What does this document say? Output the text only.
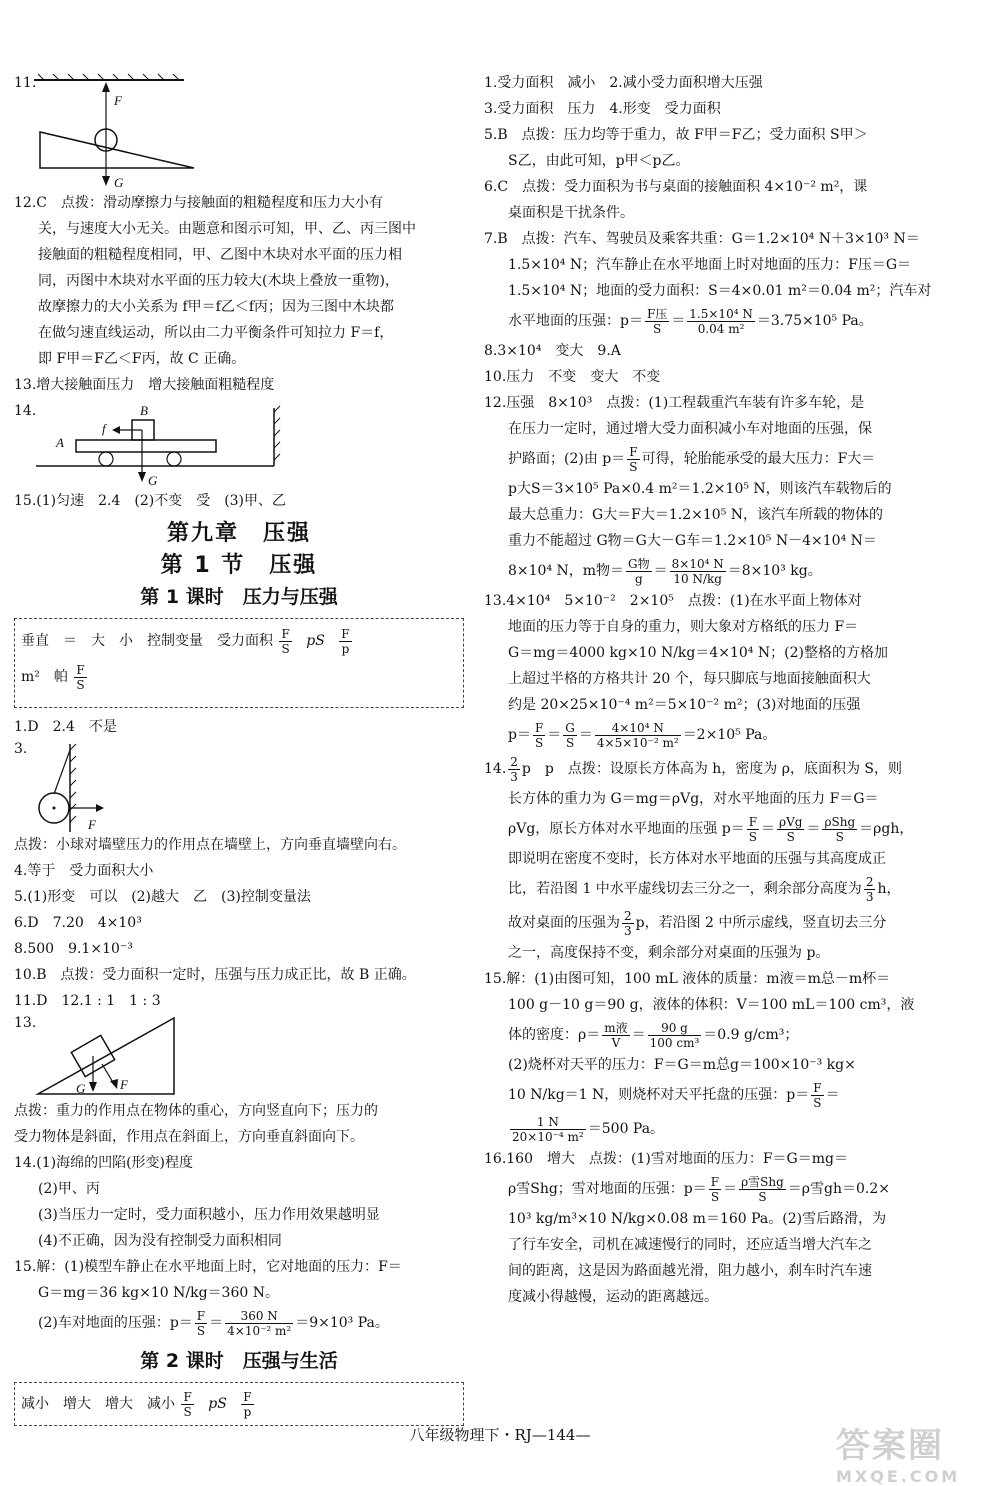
11.
F
G
12.C　点拨：滑动摩擦力与接触面的粗糙程度和压力大小有
关，与速度大小无关。由题意和图示可知，甲、乙、丙三图中
接触面的粗糙程度相同，甲、乙图中木块对水平面的压力相
同，丙图中木块对水平面的压力较大(木块上叠放一重物)，
故摩擦力的大小关系为 f甲＝f乙＜f丙；因为三图中木块都
在做匀速直线运动，所以由二力平衡条件可知拉力 F＝f，
即 F甲＝F乙＜F丙，故 C 正确。
13.增大接触面压力　增大接触面粗糙程度
14.	B
A
f
G
15.(1)匀速　2.4　(2)不变　受　(3)甲、乙
第九章　压强
第 1 节　压强
第 1 课时　压力与压强
垂直　＝　大　小　控制变量　受力面积 $\frac{F}{S}$ pS $\frac{F}{p}$
m²　帕 $\frac{F}{S}$
1.D　2.4　不是
3.
F
点拨：小球对墙壁压力的作用点在墙壁上，方向垂直墙壁向右。
4.等于　受力面积大小
5.(1)形变　可以　(2)越大　乙　(3)控制变量法
6.D　7.20　4×10³
8.500　9.1×10⁻³
10.B　点拨：受力面积一定时，压强与压力成正比，故 B 正确。
11.D　12.1 : 1　1 : 3
13.
G	F
点拨：重力的作用点在物体的重心，方向竖直向下；压力的
受力物体是斜面，作用点在斜面上，方向垂直斜面向下。
14.(1)海绵的凹陷(形变)程度
(2)甲、丙
(3)当压力一定时，受力面积越小，压力作用效果越明显
(4)不正确，因为没有控制受力面积相同
15.解：(1)模型车静止在水平地面上时，它对地面的压力：F＝
G＝mg＝36 kg×10 N/kg＝360 N。
(2)车对地面的压强：$p= \frac{F}{S} = \frac{360 N}{\text{4×10⁻² m²}} =9\times 10^3$ Pa。
第 2 课时　压强与生活
减小　增大　增大　减小 $\frac{F}{S}$ pS $\frac{F}{p}$
1.受力面积　减小　2.减小受力面积增大压强
3.受力面积　压力　4.形变　受力面积
5.B　点拨：压力均等于重力，故 F甲＝F乙；受力面积 S甲＞
S乙，由此可知，p甲＜p乙。
6.C　点拨：受力面积为书与桌面的接触面积 4×10⁻² m²，课
桌面积是干扰条件。
7.B　点拨：汽车、驾驶员及乘客共重：G＝1.2×10⁴ N＋3×10³ N＝
1.5×10⁴ N；汽车静止在水平地面上时对地面的压力：F压＝G＝
1.5×10⁴ N；地面的受力面积：S＝4×0.01 m²＝0.04 m²；汽车对
水平地面的压强：$p= \frac{\text{F压}}{S} = \frac{\text{1.5×10⁴ N}}{\text{0.04 m²}} =3.75\times 10^5$ Pa。
8.3×10⁴　变大　9.A
10.压力　不变　变大　不变
12.压强　8×10³　点拨：(1)工程载重汽车装有许多车轮，是
在压力一定时，通过增大受力面积减小车对地面的压强，保
护路面；(2)由 $p= \frac{F}{S}$ 可得，轮胎能承受的最大压力：F大＝
p大S＝3×10⁵ Pa×0.4 m²＝1.2×10⁵ N，则该汽车载物后的
最大总重力：G大＝F大＝1.2×10⁵ N，该汽车所载的物体的
重力不能超过 G物＝G大－G车＝1.2×10⁵ N－4×10⁴ N＝
8×10⁴ N，m物＝ $\frac{\text{G物}}{g} = \frac{\text{8×10⁴ N}}{10 N/kg} =8\times 10^3$ kg。
13.4×10⁴　5×10⁻²　2×10⁵　点拨：(1)在水平面上物体对
地面的压力等于自身的重力，则大象对方格纸的压力 F＝
G＝mg＝4000 kg×10 N/kg＝4×10⁴ N；(2)整格的方格加
上超过半格的方格共计 20 个，每只脚底与地面接触面积大
约是 20×25×10⁻⁴ m²＝5×10⁻² m²；(3)对地面的压强
$p= \frac{F}{S} = \frac{G}{S} = \frac{\text{4×10⁴ N}}{\text{4×5×10⁻² m²}} =2\times 10^5$ Pa。
14. $\frac{2}{3}$ p　p　点拨：设原长方体高为 h，密度为 ρ，底面积为 S，则
长方体的重力为 G＝mg＝ρVg，对水平地面的压力 F＝G＝
ρVg，原长方体对水平地面的压强 $p= \frac{F}{S} = \frac{\text{ρVg}}{S} = \frac{\text{ρShg}}{S} =\rho gh$，
即说明在密度不变时，长方体对水平地面的压强与其高度成正
比，若沿图 1 中水平虚线切去三分之一，剩余部分高度为 $\frac{2}{3}$ h，
故对桌面的压强为 $\frac{2}{3}$ p，若沿图 2 中所示虚线，竖直切去三分
之一，高度保持不变，剩余部分对桌面的压强为 p。
15.解：(1)由图可知，100 mL 液体的质量：m液＝m总－m杯＝
100 g－10 g＝90 g，液体的体积：V＝100 mL＝100 cm³，液
体的密度：$\rho= \frac{\text{m液}}{V} = \frac{90 g}{\text{100 cm³}} =0.9$ g/cm³；
(2)烧杯对天平的压力：F＝G＝m总g＝100×10⁻³ kg×
10 N/kg＝1 N，则烧杯对天平托盘的压强：$p= \frac{F}{S}$ ＝
$\frac{1 N}{\text{20×10⁻⁴ m²}} =500$ Pa。
16.160　增大　点拨：(1)雪对地面的压力：F＝G＝mg＝
ρ雪Shg；雪对地面的压强：$p= \frac{F}{S} = \frac{\text{ρ雪Shg}}{S} =\rho$雪gh＝0.2×
10³ kg/m³×10 N/kg×0.08 m＝160 Pa。(2)雪后路滑，为
了行车安全，司机在减速慢行的同时，还应适当增大汽车之
间的距离，这是因为路面越光滑，阻力越小，刹车时汽车速
度减小得越慢，运动的距离越远。
八年级物理下・RJ—144—	答案圈
MXQE.COM
